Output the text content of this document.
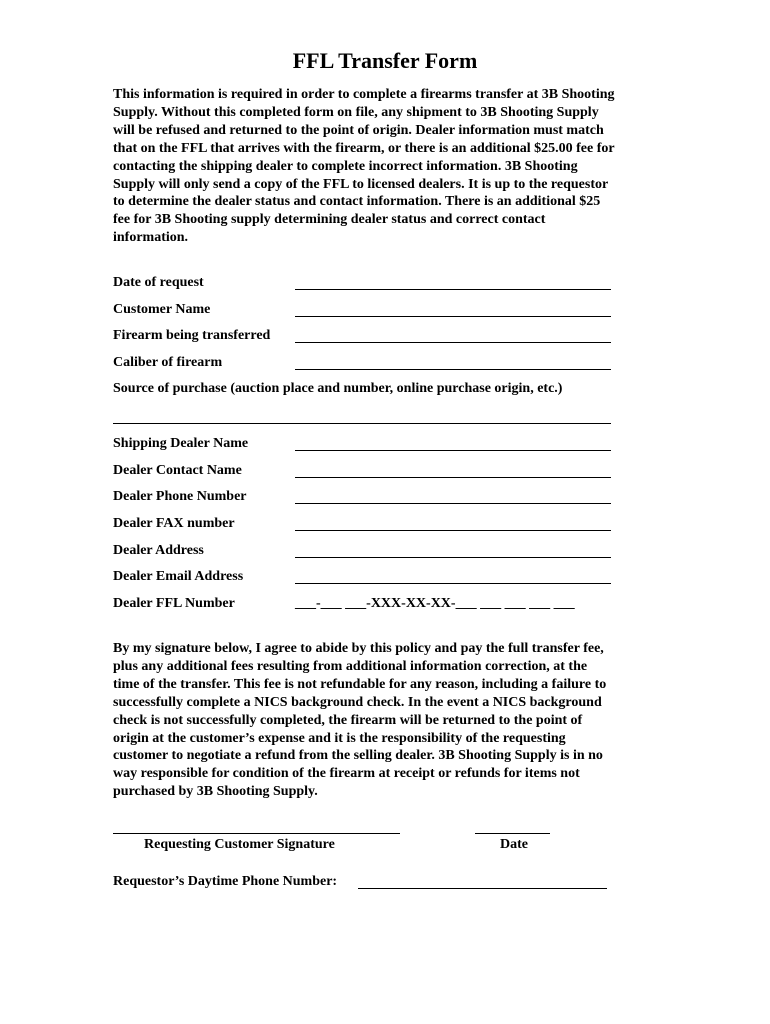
FFL Transfer Form
This information is required in order to complete a firearms transfer at 3B Shooting
Supply. Without this completed form on file, any shipment to 3B Shooting Supply
will be refused and returned to the point of origin. Dealer information must match
that on the FFL that arrives with the firearm, or there is an additional $25.00 fee for
contacting the shipping dealer to complete incorrect information. 3B Shooting
Supply will only send a copy of the FFL to licensed dealers. It is up to the requestor
to determine the dealer status and contact information. There is an additional $25
fee for 3B Shooting supply determining dealer status and correct contact
information.
Date of request
Customer Name
Firearm being transferred
Caliber of firearm
Source of purchase (auction place and number, online purchase origin, etc.)
Shipping Dealer Name
Dealer Contact Name
Dealer Phone Number
Dealer FAX number
Dealer Address
Dealer Email Address
Dealer FFL Number	___-___ ___-XXX-XX-XX-___ ___ ___ ___ ___
By my signature below, I agree to abide by this policy and pay the full transfer fee,
plus any additional fees resulting from additional information correction, at the
time of the transfer. This fee is not refundable for any reason, including a failure to
successfully complete a NICS background check. In the event a NICS background
check is not successfully completed, the firearm will be returned to the point of
origin at the customer’s expense and it is the responsibility of the requesting
customer to negotiate a refund from the selling dealer. 3B Shooting Supply is in no
way responsible for condition of the firearm at receipt or refunds for items not
purchased by 3B Shooting Supply.
Requesting Customer Signature	Date
Requestor’s Daytime Phone Number:
